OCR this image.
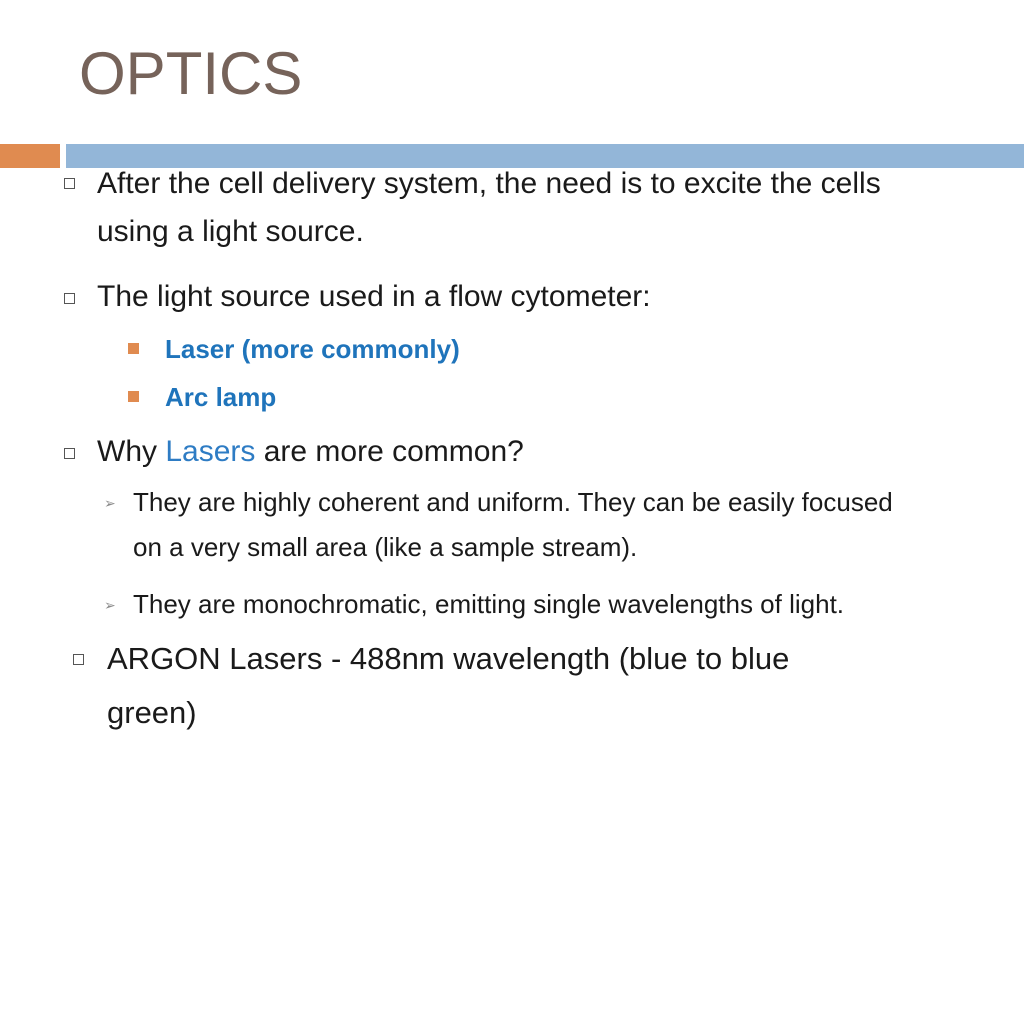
OPTICS
After the cell delivery system, the need is to excite the cells using a light source.
The light source used in a flow cytometer:
Laser (more commonly)
Arc lamp
Why Lasers are more common?
➢ They are highly coherent and uniform. They can be easily focused on a very small area (like a sample stream).
➢ They are monochromatic, emitting single wavelengths of light.
ARGON Lasers - 488nm wavelength (blue to blue green)
